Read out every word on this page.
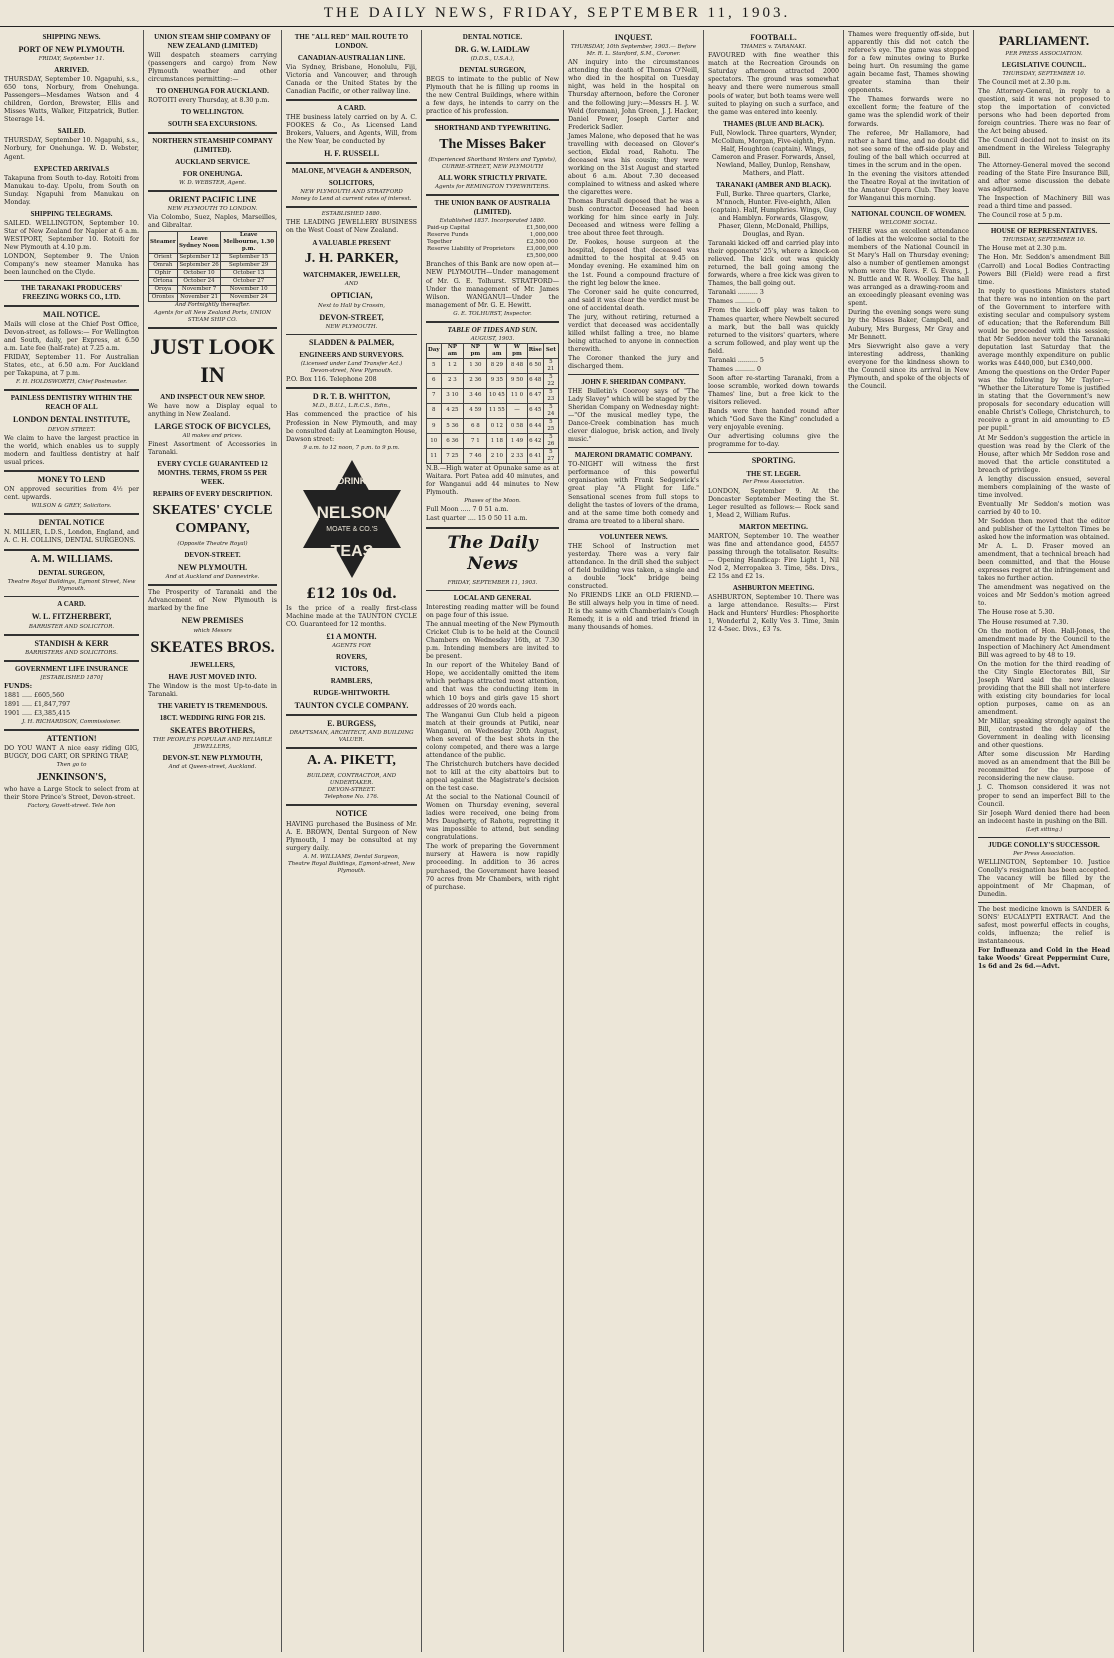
THE DAILY NEWS, FRIDAY, SEPTEMBER 11, 1903.
SHIPPING NEWS.
PORT OF NEW PLYMOUTH.
FRIDAY, September 11.
ARRIVED.
THURSDAY, September 10. Ngapuhi, s.s., 650 tons, Norbury, from Onehunga. Passengers—Mesdames Watson and 4 children, Gordon, Brewster, Ellis and Misses Watts, Walker, Fitzpatrick, Butler. Steerage 14.
SAILED.
THURSDAY, September 10. Ngapuhi, s.s., Norbury, for Onehunga. W. D. Webster, Agent.
EXPECTED ARRIVALS
Takapuna from South to-day. Rotoiti from Manukau to-day. Upolu, from South on Sunday. Ngapuhi from Manukau on Monday.
SHIPPING TELEGRAMS.
SAILED. WELLINGTON, September 10. Star of New Zealand for Napier at 6 a.m. WESTPORT, September 10. Rotoiti for New Plymouth at 4.10 p.m.
LONDON, September 9. The Union Company's new steamer Manuka has been launched on the Clyde.
THE TARANAKI PRODUCERS' FREEZING WORKS CO., LTD.
MAIL NOTICE.
Mails will close at the Chief Post Office, Devon-street, as follows:— For Wellington and South, daily, per Express, at 6.50 a.m. Late fee (half-rate) at 7.25 a.m.
FRIDAY, September 11. For Australian States, etc., at 6.50 a.m. For Auckland per Takapuna, at 7 p.m.
F. H. HOLDSWORTH, Chief Postmaster.
PAINLESS DENTISTRY WITHIN THE REACH OF ALL
LONDON DENTAL INSTITUTE,
DEVON STREET.
We claim to have the largest practice in the world, which enables us to supply modern and faultless dentistry at half usual prices.
MONEY TO LEND
ON approved securities from 4½ per cent. upwards.
WILSON & GREY, Solicitors.
DENTAL NOTICE
N. MILLER, L.D.S., London, England, and A. C. H. COLLINS, DENTAL SURGEONS.
A. M. WILLIAMS.
DENTAL SURGEON,
Theatre Royal Buildings, Egmont Street, New Plymouth.
A CARD.
W. L. FITZHERBERT,
BARRISTER AND SOLICITOR.
STANDISH & KERR
BARRISTERS AND SOLICITORS.
GOVERNMENT LIFE INSURANCE
[ESTABLISHED 1870]
FUNDS:
1881 ..... £605,560
1891 ..... £1,847,797
1901 ..... £3,385,415
J. H. RICHARDSON, Commissioner.
ATTENTION!
DO YOU WANT A nice easy riding GIG, BUGGY, DOG CART, OR SPRING TRAP,
Then go to
JENKINSON'S,
who have a Large Stock to select from at their Store Prince's Street, Devon-street.
Factory, Govett-street. Tele hon
UNION STEAM SHIP COMPANY OF NEW ZEALAND (LIMITED)
Will despatch steamers carrying (passengers and cargo) from New Plymouth weather and other circumstances permitting:—
TO ONEHUNGA FOR AUCKLAND.
ROTOITI every Thursday, at 8.30 p.m.
TO WELLINGTON.
SOUTH SEA EXCURSIONS.
NORTHERN STEAMSHIP COMPANY (LIMITED).
AUCKLAND SERVICE.
FOR ONEHUNGA.
W. D. WEBSTER, Agent.
ORIENT PACIFIC LINE
NEW PLYMOUTH TO LONDON.
Via Colombo, Suez, Naples, Marseilles, and Gibraltar.
Steamer	Leave Sydney Noon	Leave Melbourne, 1.30 p.m.
Orient	September 12	September 15
Omrah	September 26	September 29
Ophir	October 10	October 13
Ortona	October 24	October 27
Oroya	November 7	November 10
Orontes	November 21	November 24
And Fortnightly thereafter.
Agents for all New Zealand Ports, UNION STEAM SHIP CO.
JUST LOOK IN
AND INSPECT OUR NEW SHOP.
We have now a Display equal to anything in New Zealand.
LARGE STOCK OF BICYCLES,
All makes and prices.
Finest Assortment of Accessories in Taranaki.
EVERY CYCLE GUARANTEED 12 MONTHS. TERMS, FROM 5S PER WEEK.
REPAIRS OF EVERY DESCRIPTION.
SKEATES' CYCLE COMPANY,
(Opposite Theatre Royal)
DEVON-STREET.
NEW PLYMOUTH.
And at Auckland and Dannevirke.
The Prosperity of Taranaki and the Advancement of New Plymouth is marked by the fine
NEW PREMISES
which Messrs
SKEATES BROS.
JEWELLERS,
HAVE JUST MOVED INTO.
The Window is the most Up-to-date in Taranaki.
THE VARIETY IS TREMENDOUS.
18CT. WEDDING RING FOR 21S.
SKEATES BROTHERS,
THE PEOPLE'S POPULAR AND RELIABLE JEWELLERS,
DEVON-ST. NEW PLYMOUTH,
And at Queen-street, Auckland.
THE "ALL RED" MAIL ROUTE TO LONDON.
CANADIAN-AUSTRALIAN LINE.
Via Sydney, Brisbane, Honolulu, Fiji, Victoria and Vancouver, and through Canada or the United States by the Canadian Pacific, or other railway line.
A CARD.
THE business lately carried on by A. C. FOOKES & Co., As Licensed Land Brokers, Valuers, and Agents, Will, from the New Year, be conducted by
H. F. RUSSELL
MALONE, M'VEAGH & ANDERSON,
SOLICITORS,
NEW PLYMOUTH AND STRATFORD
Money to Lend at current rates of interest.
ESTABLISHED 1880.
THE LEADING JEWELLERY BUSINESS on the West Coast of New Zealand.
A VALUABLE PRESENT
J. H. PARKER,
WATCHMAKER, JEWELLER,
AND
OPTICIAN,
Next to Hall by Crossin,
DEVON-STREET,
NEW PLYMOUTH.
SLADDEN & PALMER,
ENGINEERS AND SURVEYORS.
(Licensed under Land Transfer Act.)
Devon-street, New Plymouth.
P.O. Box 116. Telephone 208
D R. T. B. WHITTON,
M.D., B.U.I., L.R.C.S., Edin.,
Has commenced the practice of his Profession in New Plymouth, and may be consulted daily at Leamington House, Dawson street:
9 a.m. to 12 noon, 7 p.m. to 9 p.m.
DRINK
NELSON
MOATE & CO.'S
TEAS
£12 10s 0d.
Is the price of a really first-class Machine made at the TAUNTON CYCLE CO. Guaranteed for 12 months.
£1 A MONTH.
AGENTS FOR
ROVERS,
VICTORS,
RAMBLERS,
RUDGE-WHITWORTH.
TAUNTON CYCLE COMPANY.
E. BURGESS,
DRAFTSMAN, ARCHITECT, AND BUILDING VALUER.
A. A. PIKETT,
BUILDER, CONTRACTOR, AND UNDERTAKER.
DEVON-STREET.
Telephone No. 176.
NOTICE
HAVING purchased the Business of Mr. A. E. BROWN, Dental Surgeon of New Plymouth, I may be consulted at my surgery daily.
A. M. WILLIAMS, Dental Surgeon,
Theatre Royal Buildings, Egmont-street, New Plymouth.
DENTAL NOTICE.
DR. G. W. LAIDLAW
(D.D.S., U.S.A.),
DENTAL SURGEON,
BEGS to intimate to the public of New Plymouth that he is filling up rooms in the new Central Buildings, where within a few days, he intends to carry on the practice of his profession.
SHORTHAND AND TYPEWRITING.
The Misses Baker
(Experienced Shorthand Writers and Typists),
CURRIE-STREET, NEW PLYMOUTH
ALL WORK STRICTLY PRIVATE.
Agents for REMINGTON TYPEWRITERS.
THE UNION BANK OF AUSTRALIA (LIMITED).
Established 1837. Incorporated 1880.
Paid-up Capital	£1,500,000
Reserve Funds	1,000,000
Together	£2,500,000
Reserve Liability of Proprietors	£3,000,000
	£5,500,000
Branches of this Bank are now open at— NEW PLYMOUTH—Under management of Mr. G. E. Tolhurst. STRATFORD—Under the management of Mr. James Wilson. WANGANUI—Under the management of Mr. G. E. Hewitt.
G. E. TOLHURST, Inspector.
TABLE OF TIDES AND SUN.
AUGUST, 1903.
Day	NP am	NP pm	W am	W pm	Rise	Set
5	1 2	1 30	8 29	8 48	6 50	5 21
6	2 3	2 36	9 35	9 50	6 48	5 22
7	3 10	3 46	10 45	11 0	6 47	5 23
8	4 25	4 59	11 55	—	6 45	5 24
9	5 36	6 8	0 12	0 58	6 44	5 25
10	6 36	7 1	1 18	1 49	6 42	5 26
11	7 25	7 46	2 10	2 33	6 41	5 27
N.B.—High water at Opunake same as at Waitara. Port Patea add 40 minutes, and for Wanganui add 44 minutes to New Plymouth.
Phases of the Moon.
Full Moon ..... 7 0 51 a.m.
Last quarter .... 15 0 50 11 a.m.
The Daily News
FRIDAY, SEPTEMBER 11, 1903.
LOCAL AND GENERAL
Interesting reading matter will be found on page four of this issue.
The annual meeting of the New Plymouth Cricket Club is to be held at the Council Chambers on Wednesday 16th, at 7.30 p.m. Intending members are invited to be present.
In our report of the Whiteley Band of Hope, we accidentally omitted the item which perhaps attracted most attention, and that was the conducting item in which 10 boys and girls gave 15 short addresses of 20 words each.
The Wanganui Gun Club held a pigeon match at their grounds at Putiki, near Wanganui, on Wednesday 20th August, when several of the best shots in the colony competed, and there was a large attendance of the public.
The Christchurch butchers have decided not to kill at the city abattoirs but to appeal against the Magistrate's decision on the test case.
At the social to the National Council of Women on Thursday evening, several ladies were received, one being from Mrs Daugherty, of Rahotu, regretting it was impossible to attend, but sending congratulations.
The work of preparing the Government nursery at Hawera is now rapidly proceeding. In addition to 36 acres purchased, the Government have leased 70 acres from Mr Chambers, with right of purchase.
INQUEST.
THURSDAY, 10th September, 1903.— Before Mr. R. L. Stanford, S.M., Coroner.
AN inquiry into the circumstances attending the death of Thomas O'Neill, who died in the hospital on Tuesday night, was held in the hospital on Thursday afternoon, before the Coroner and the following jury:—Messrs H. J. W. Weld (foreman), John Green, J. J. Hacker, Daniel Power, Joseph Carter and Frederick Sadler.
James Malone, who deposed that he was travelling with deceased on Glover's section, Ekdal road, Rahotu. The deceased was his cousin; they were working on the 31st August and started about 6 a.m. About 7.30 deceased complained to witness and asked where the cigarettes were.
Thomas Burstall deposed that he was a bush contractor. Deceased had been working for him since early in July. Deceased and witness were felling a tree about three feet through.
Dr. Fookes, house surgeon at the hospital, deposed that deceased was admitted to the hospital at 9.45 on Monday evening. He examined him on the 1st. Found a compound fracture of the right leg below the knee.
The Coroner said he quite concurred, and said it was clear the verdict must be one of accidental death.
The jury, without retiring, returned a verdict that deceased was accidentally killed whilst falling a tree, no blame being attached to anyone in connection therewith.
The Coroner thanked the jury and discharged them.
JOHN F. SHERIDAN COMPANY.
THE Bulletin's Coorooy says of "The Lady Slavey" which will be staged by the Sheridan Company on Wednesday night:—"Of the musical medley type, the Dance-Creek combination has much clever dialogue, brisk action, and lively music."
MAJERONI DRAMATIC COMPANY.
TO-NIGHT will witness the first performance of this powerful organisation with Frank Sedgewick's great play "A Flight for Life." Sensational scenes from full stops to delight the tastes of lovers of the drama, and at the same time both comedy and drama are treated to a liberal share.
VOLUNTEER NEWS.
THE School of Instruction met yesterday. There was a very fair attendance. In the drill shed the subject of field building was taken, a single and a double "lock" bridge being constructed.
No FRIENDS LIKE an OLD FRIEND.—Be still always help you in time of need. It is the same with Chamberlain's Cough Remedy, it is a old and tried friend in many thousands of homes.
FOOTBALL.
THAMES v. TARANAKI.
FAVOURED with fine weather this match at the Recreation Grounds on Saturday afternoon attracted 2000 spectators. The ground was somewhat heavy and there were numerous small pools of water, but both teams were well suited to playing on such a surface, and the game was entered into keenly.
THAMES (BLUE AND BLACK).
Full, Nowlock. Three quarters, Wynder, McCollum, Morgan, Five-eighth, Fynn. Half, Houghton (captain). Wings, Cameron and Fraser. Forwards, Ansel, Newland, Malley, Dunlop, Renshaw, Mathers, and Platt.
TARANAKI (AMBER AND BLACK).
Full, Burke. Three quarters, Clarke, M'nnoch, Hunter. Five-eighth, Allen (captain). Half, Humphries. Wings, Guy and Hamblyn. Forwards, Glasgow, Phaser, Glenn, McDonald, Phillips, Douglas, and Ryan.
Taranaki kicked off and carried play into their opponents' 25's, where a knock-on relieved. The kick out was quickly returned, the ball going among the forwards, where a free kick was given to Thames, the ball going out.
Taranaki .......... 3
Thames .......... 0
From the kick-off play was taken to Thames quarter, where Newbelt secured a mark, but the ball was quickly returned to the visitors' quarters, where a scrum followed, and play went up the field.
Taranaki .......... 5
Thames .......... 0
Soon after re-starting Taranaki, from a loose scramble, worked down towards Thames' line, but a free kick to the visitors relieved.
Bands were then handed round after which "God Save the King" concluded a very enjoyable evening.
Our advertising columns give the programme for to-day.
SPORTING.
THE ST. LEGER.
Per Press Association.
LONDON, September 9. At the Doncaster September Meeting the St. Leger resulted as follows:— Rock sand 1, Mead 2, William Rufus.
MARTON MEETING.
MARTON, September 10. The weather was fine and attendance good, £4557 passing through the totalisator. Results:— Opening Handicap: Fire Light 1, Nil Nod 2, Merropakea 3. Time, 58s. Divs., £2 15s and £2 1s.
ASHBURTON MEETING.
ASHBURTON, September 10. There was a large attendance. Results:— First Hack and Hunters' Hurdles: Phosphorite 1, Wonderful 2, Kelly Ves 3. Time, 3min 12 4-5sec. Divs., £3 7s.
Thames were frequently off-side, but apparently this did not catch the referee's eye. The game was stopped for a few minutes owing to Burke being hurt. On resuming the game again became fast, Thames showing greater stamina than their opponents.
The Thames forwards were no excellent form; the feature of the game was the splendid work of their forwards.
The referee, Mr Hallamore, had rather a hard time, and no doubt did not see some of the off-side play and fouling of the ball which occurred at times in the scrum and in the open.
In the evening the visitors attended the Theatre Royal at the invitation of the Amateur Opera Club. They leave for Wanganui this morning.
NATIONAL COUNCIL OF WOMEN.
WELCOME SOCIAL.
THERE was an excellent attendance of ladies at the welcome social to the members of the National Council in St Mary's Hall on Thursday evening; also a number of gentlemen amongst whom were the Revs. F. G. Evans, J. N. Buttle and W. R. Woolley. The hall was arranged as a drawing-room and an exceedingly pleasant evening was spent.
During the evening songs were sung by the Misses Baker, Campbell, and Aubury, Mrs Burgess, Mr Gray and Mr Bennett.
Mrs Sievwright also gave a very interesting address, thanking everyone for the kindness shown to the Council since its arrival in New Plymouth, and spoke of the objects of the Council.
PARLIAMENT.
PER PRESS ASSOCIATION.
LEGISLATIVE COUNCIL.
THURSDAY, SEPTEMBER 10.
The Council met at 2.30 p.m.
The Attorney-General, in reply to a question, said it was not proposed to stop the importation of convicted persons who had been deported from foreign countries. There was no fear of the Act being abused.
The Council decided not to insist on its amendment in the Wireless Telegraphy Bill.
The Attorney-General moved the second reading of the State Fire Insurance Bill, and after some discussion the debate was adjourned.
The Inspection of Machinery Bill was read a third time and passed.
The Council rose at 5 p.m.
HOUSE OF REPRESENTATIVES.
THURSDAY, SEPTEMBER 10.
The House met at 2.30 p.m.
The Hon. Mr. Seddon's amendment Bill (Carroll) and Local Bodies Contracting Powers Bill (Field) were read a first time.
In reply to questions Ministers stated that there was no intention on the part of the Government to interfere with existing secular and compulsory system of education; that the Referendum Bill would be proceeded with this session; that Mr Seddon never told the Taranaki deputation last Saturday that the average monthly expenditure on public works was £440,000, but £340,000.
Among the questions on the Order Paper was the following by Mr Taylor:— "Whether the Literature Tome is justified in stating that the Government's new proposals for secondary education will enable Christ's College, Christchurch, to receive a grant in aid amounting to £5 per pupil."
At Mr Seddon's suggestion the article in question was read by the Clerk of the House, after which Mr Seddon rose and moved that the article constituted a breach of privilege.
A lengthy discussion ensued, several members complaining of the waste of time involved.
Eventually Mr Seddon's motion was carried by 40 to 10.
Mr Seddon then moved that the editor and publisher of the Lyttelton Times be asked how the information was obtained.
Mr A. L. D. Fraser moved an amendment, that a technical breach had been committed, and that the House expresses regret at the infringement and takes no further action.
The amendment was negatived on the voices and Mr Seddon's motion agreed to.
The House rose at 5.30.
The House resumed at 7.30.
On the motion of Hon. Hall-Jones, the amendment made by the Council to the Inspection of Machinery Act Amendment Bill was agreed to by 48 to 19.
On the motion for the third reading of the City Single Electorates Bill, Sir Joseph Ward said the new clause providing that the Bill shall not interfere with existing city boundaries for local option purposes, came on as an amendment.
Mr Millar, speaking strongly against the Bill, contrasted the delay of the Government in dealing with licensing and other questions.
After some discussion Mr Harding moved as an amendment that the Bill be recommitted for the purpose of reconsidering the new clause.
J. C. Thomson considered it was not proper to send an imperfect Bill to the Council.
Sir Joseph Ward denied there had been an indecent haste in pushing on the Bill.
(Left sitting.)
JUDGE CONOLLY'S SUCCESSOR.
Per Press Association.
WELLINGTON, September 10. Justice Conolly's resignation has been accepted. The vacancy will be filled by the appointment of Mr Chapman, of Dunedin.
The best medicine known is SANDER & SONS' EUCALYPTI EXTRACT. And the safest, most powerful effects in coughs, colds, influenza; the relief is instantaneous.
For Influenza and Cold in the Head take Woods' Great Peppermint Cure, 1s 6d and 2s 6d.—Advt.
